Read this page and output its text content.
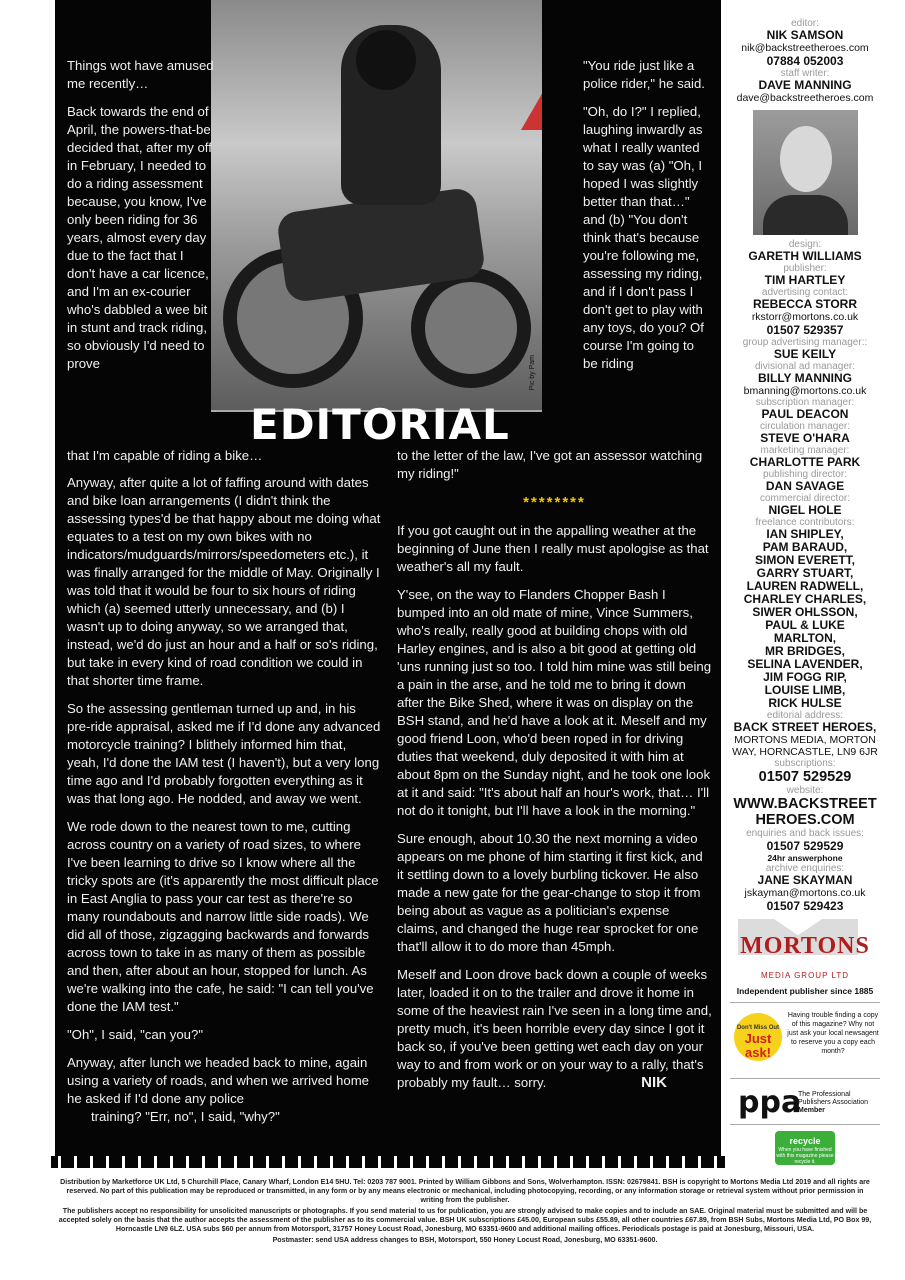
Pic by Pam
EDITORIAL

Things wot have amused me recently…

Back towards the end of April, the powers-that-be decided that, after my off in February, I needed to do a riding assessment because, you know, I've only been riding for 36 years, almost every day due to the fact that I don't have a car licence, and I'm an ex-courier who's dabbled a wee bit in stunt and track riding, so obviously I'd need to prove

that I'm capable of riding a bike…

Anyway, after quite a lot of faffing around with dates and bike loan arrangements (I didn't think the assessing types'd be that happy about me doing what equates to a test on my own bikes with no indicators/mudguards/mirrors/speedometers etc.), it was finally arranged for the middle of May. Originally I was told that it would be four to six hours of riding which (a) seemed utterly unnecessary, and (b) I wasn't up to doing anyway, so we arranged that, instead, we'd do just an hour and a half or so's riding, but take in every kind of road condition we could in that shorter time frame.

So the assessing gentleman turned up and, in his pre-ride appraisal, asked me if I'd done any advanced motorcycle training? I blithely informed him that, yeah, I'd done the IAM test (I haven't), but a very long time ago and I'd probably forgotten everything as it was that long ago. He nodded, and away we went.

We rode down to the nearest town to me, cutting across country on a variety of road sizes, to where I've been learning to drive so I know where all the tricky spots are (it's apparently the most difficult place in East Anglia to pass your car test as there're so many roundabouts and narrow little side roads). We did all of those, zigzagging backwards and forwards across town to take in as many of them as possible and then, after about an hour, stopped for lunch. As we're walking into the cafe, he said: "I can tell you've done the IAM test."

"Oh", I said, "can you?"

Anyway, after lunch we headed back to mine, again using a variety of roads, and when we arrived home he asked if I'd done any police
training? "Err, no", I said, "why?"

"You ride just like a police rider," he said.

"Oh, do I?" I replied, laughing inwardly as what I really wanted to say was (a) "Oh, I hoped I was slightly better than that…" and (b) "You don't think that's because you're following me, assessing my riding, and if I don't pass I don't get to play with any toys, do you? Of course I'm going to be riding

to the letter of the law, I've got an assessor watching my riding!"
********

If you got caught out in the appalling weather at the beginning of June then I really must apologise as that weather's all my fault.

Y'see, on the way to Flanders Chopper Bash I bumped into an old mate of mine, Vince Summers, who's really, really good at building chops with old Harley engines, and is also a bit good at getting old 'uns running just so too. I told him mine was still being a pain in the arse, and he told me to bring it down after the Bike Shed, where it was on display on the BSH stand, and he'd have a look at it. Meself and my good friend Loon, who'd been roped in for driving duties that weekend, duly deposited it with him at about 8pm on the Sunday night, and he took one look at it and said: "It's about half an hour's work, that… I'll not do it tonight, but I'll have a look in the morning."

Sure enough, about 10.30 the next morning a video appears on me phone of him starting it first kick, and it settling down to a lovely burbling tickover. He also made a new gate for the gear-change to stop it from being about as vague as a politician's expense claims, and changed the huge rear sprocket for one that'll allow it to do more than 45mph.

Meself and Loon drove back down a couple of weeks later, loaded it on to the trailer and drove it home in some of the heaviest rain I've seen in a long time and, pretty much, it's been horrible every day since I got it back so, if you've been getting wet each day on your way to and from work or on your way to a rally, that's probably my fault… sorry.	NIK

editor:
NIK SAMSON
nik@backstreetheroes.com
07884 052003
staff writer:
DAVE MANNING
dave@backstreetheroes.com
design:
GARETH WILLIAMS
publisher:
TIM HARTLEY
advertising contact:
REBECCA STORR
rkstorr@mortons.co.uk
01507 529357
group advertising manager::
SUE KEILY
divisional ad manager:
BILLY MANNING
bmanning@mortons.co.uk
subscription manager:
PAUL DEACON
circulation manager:
STEVE O'HARA
marketing manager:
CHARLOTTE PARK
publishing director:
DAN SAVAGE
commercial director:
NIGEL HOLE
freelance contributors:
IAN SHIPLEY,
PAM BARAUD,
SIMON EVERETT,
GARRY STUART,
LAUREN RADWELL,
CHARLEY CHARLES,
SIWER OHLSSON,
PAUL & LUKE
MARLTON,
MR BRIDGES,
SELINA LAVENDER,
JIM FOGG RIP,
LOUISE LIMB,
RICK HULSE
editorial address:
BACK STREET HEROES, MORTONS MEDIA, MORTON WAY, HORNCASTLE, LN9 6JR
subscriptions:
01507 529529
website:
WWW.BACKSTREET HEROES.COM
enquiries and back issues:
01507 529529
24hr answerphone
archive enquiries:
JANE SKAYMAN
jskayman@mortons.co.uk
01507 529423
MORTONS
MEDIA GROUP LTD
Independent publisher since 1885
Don't Miss Out
Just ask!
Having trouble finding a copy of this magazine? Why not just ask your local newsagent to reserve you a copy each month?
ppa
The Professional Publishers Association
Member
recycle
When you have finished with this magazine please recycle it.

Distribution by Marketforce UK Ltd, 5 Churchill Place, Canary Wharf, London E14 5HU. Tel: 0203 787 9001. Printed by William Gibbons and Sons, Wolverhampton. ISSN: 02679841. BSH is copyright to Mortons Media Ltd 2019 and all rights are reserved. No part of this publication may be reproduced or transmitted, in any form or by any means electronic or mechanical, including photocopying, recording, or any information storage or retrieval system without prior permission in writing from the publisher.

The publishers accept no responsibility for unsolicited manuscripts or photographs. If you send material to us for publication, you are strongly advised to make copies and to include an SAE. Original material must be submitted and will be accepted solely on the basis that the author accepts the assessment of the publisher as to its commercial value. BSH UK subscriptions £45.00, European subs £55.89, all other countries £67.89, from BSH Subs, Mortons Media Ltd, PO Box 99, Horncastle LN9 6LZ. USA subs $60 per annum from Motorsport, 31757 Honey Locust Road, Jonesburg, MO 63351-9600 and additional mailing offices. Periodicals postage is paid at Jonesburg, Missouri, USA.

Postmaster: send USA address changes to BSH, Motorsport, 550 Honey Locust Road, Jonesburg, MO 63351-9600.
